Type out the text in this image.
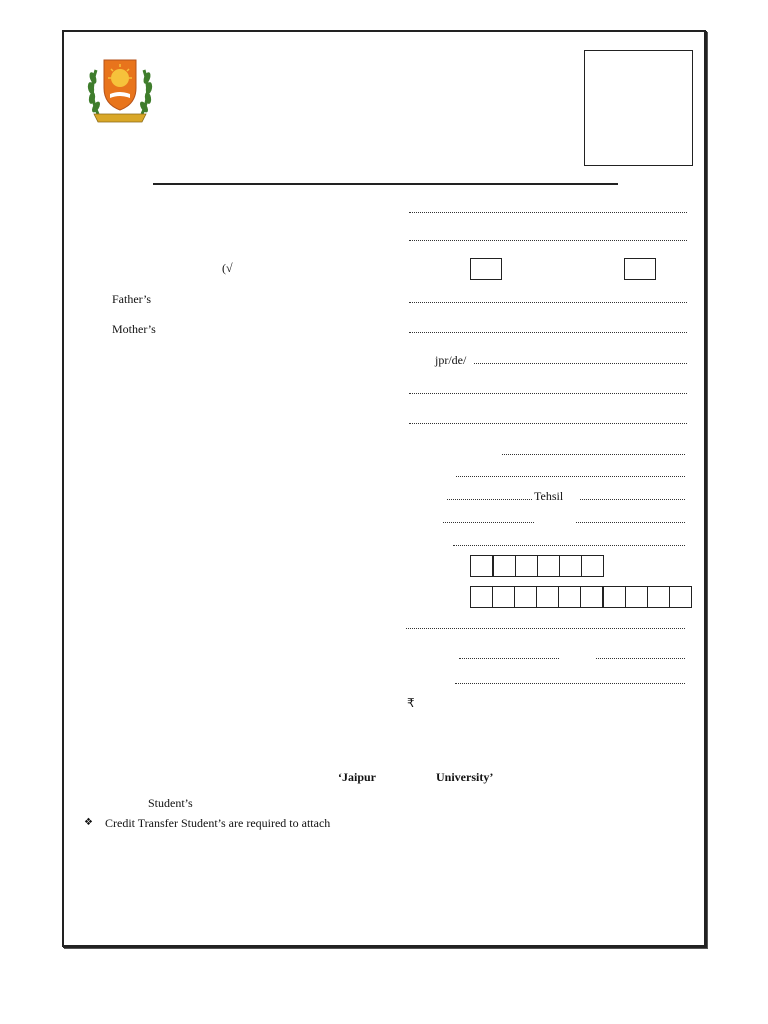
(√
Father’s
Mother’s
jpr/de/
Tehsil
₹
‘Jaipur	University’
Student’s
❖ Credit Transfer Student’s are required to attach
